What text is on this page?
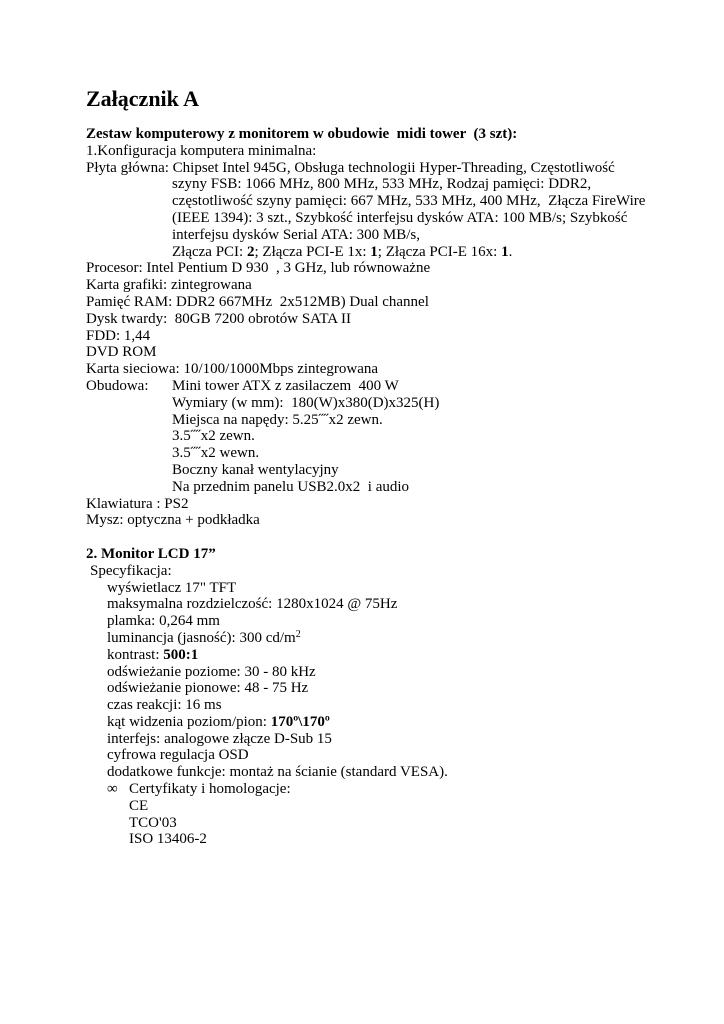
Załącznik A
Zestaw komputerowy z monitorem w obudowie  midi tower  (3 szt):
1.Konfiguracja komputera minimalna:
Płyta główna: Chipset Intel 945G, Obsługa technologii Hyper-Threading, Częstotliwość
szyny FSB: 1066 MHz, 800 MHz, 533 MHz, Rodzaj pamięci: DDR2,
częstotliwość szyny pamięci: 667 MHz, 533 MHz, 400 MHz,  Złącza FireWire
(IEEE 1394): 3 szt., Szybkość interfejsu dysków ATA: 100 MB/s; Szybkość
interfejsu dysków Serial ATA: 300 MB/s,
Złącza PCI: 2; Złącza PCI-E 1x: 1; Złącza PCI-E 16x: 1.
Procesor: Intel Pentium D 930  , 3 GHz, lub równoważne
Karta grafiki: zintegrowana
Pamięć RAM: DDR2 667MHz  2x512MB) Dual channel
Dysk twardy:  80GB 7200 obrotów SATA II
FDD: 1,44
DVD ROM
Karta sieciowa: 10/100/1000Mbps zintegrowana
Obudowa: Mini tower ATX z zasilaczem  400 W
Wymiary (w mm):  180(W)x380(D)x325(H)
Miejsca na napędy: 5.25˝˝x2 zewn.
3.5˝˝x2 zewn.
3.5˝˝x2 wewn.
Boczny kanał wentylacyjny
Na przednim panelu USB2.0x2  i audio
Klawiatura : PS2
Mysz: optyczna + podkładka
2. Monitor LCD 17”
Specyfikacja:
wyświetlacz 17" TFT
maksymalna rozdzielczość: 1280x1024 @ 75Hz
plamka: 0,264 mm
luminancja (jasność): 300 $cd/m^2$
kontrast: 500:1
odświeżanie poziome: 30 - 80 kHz
odświeżanie pionowe: 48 - 75 Hz
czas reakcji: 16 ms
kąt widzenia poziom/pion: 170º\170º
interfejs: analogowe złącze D-Sub 15
cyfrowa regulacja OSD
dodatkowe funkcje: montaż na ścianie (standard VESA).
∞ Certyfikaty i homologacje:
CE
TCO'03
ISO 13406-2
